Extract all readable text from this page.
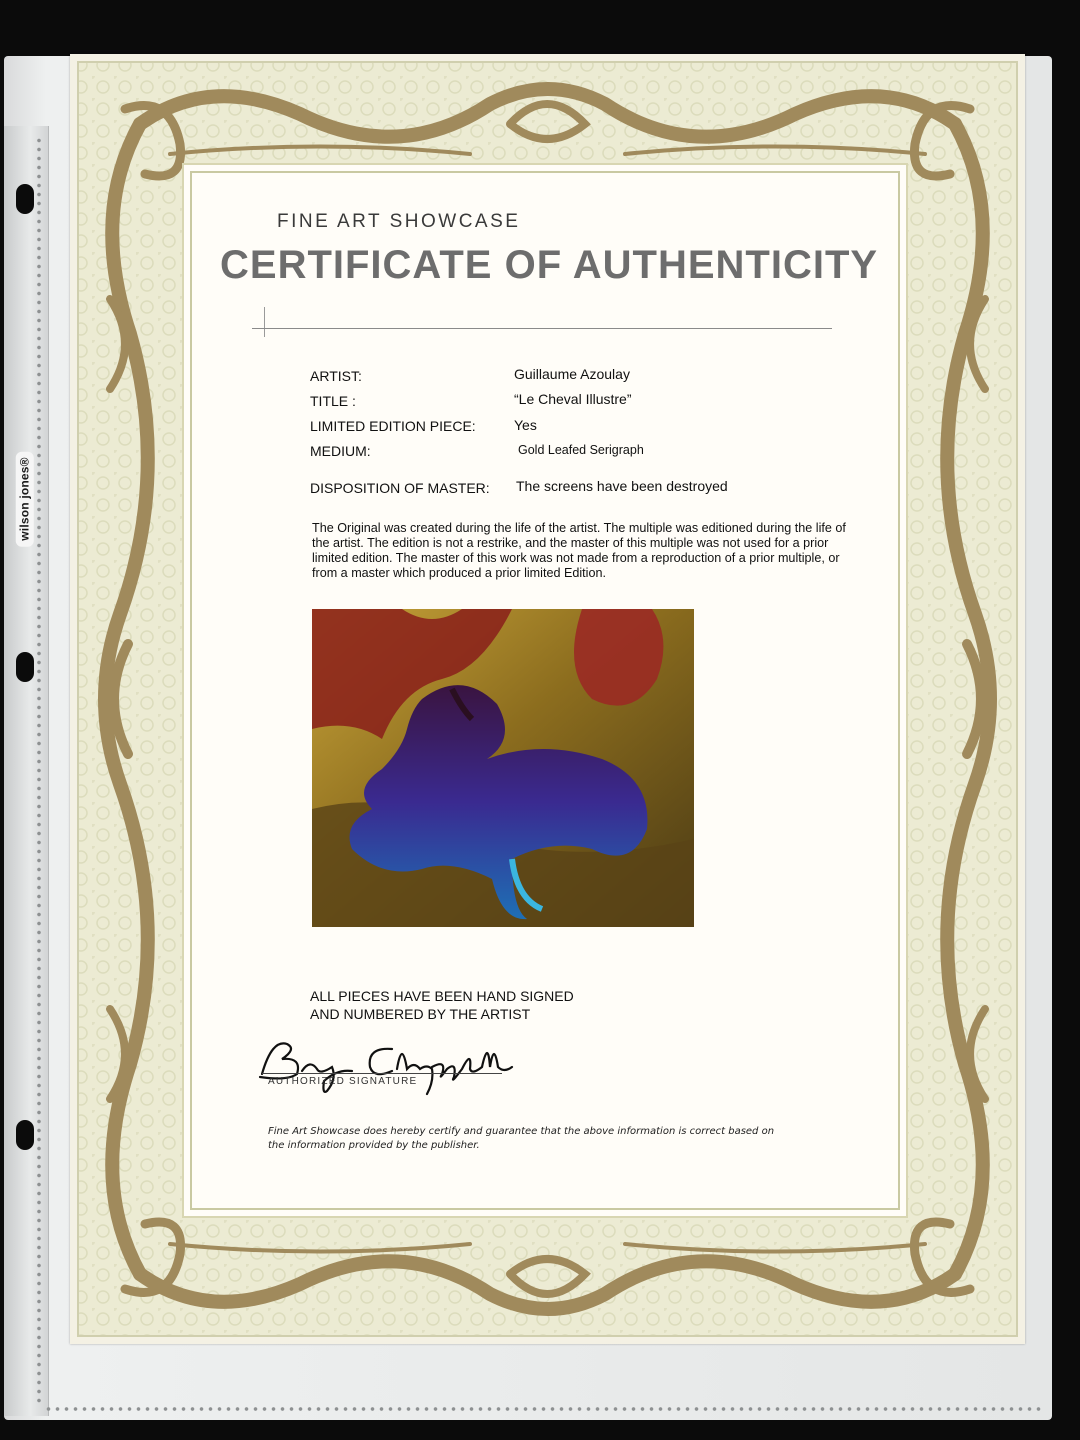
wilson jones®
FINE ART SHOWCASE
CERTIFICATE OF AUTHENTICITY
ARTIST:	Guillaume Azoulay
TITLE :	“Le Cheval Illustre”
LIMITED EDITION PIECE:	Yes
MEDIUM:	Gold Leafed Serigraph
DISPOSITION OF MASTER: The screens have been destroyed
The Original was created during the life of the artist. The multiple was editioned during the life of the artist. The edition is not a restrike, and the master of this multiple was not used for a prior limited edition. The master of this work was not made from a reproduction of a prior multiple, or from a master which produced a prior limited Edition.
ALL PIECES HAVE BEEN HAND SIGNED
AND NUMBERED BY THE ARTIST
AUTHORIZED SIGNATURE
Fine Art Showcase does hereby certify and guarantee that the above information is correct based on the information provided by the publisher.
